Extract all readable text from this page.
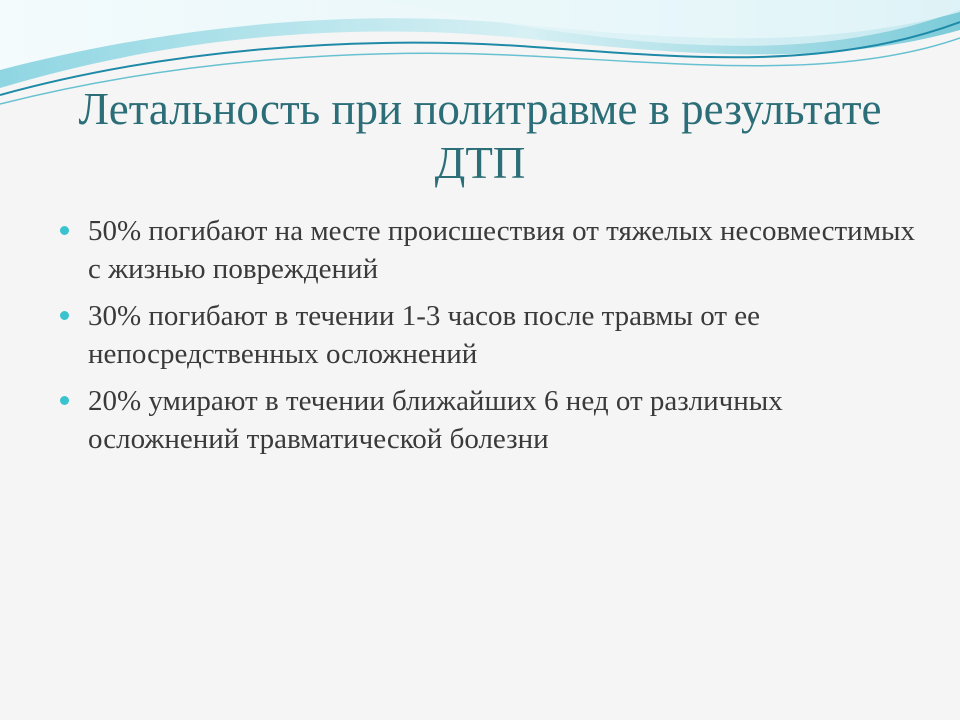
Летальность при политравме в результате ДТП
50% погибают на месте происшествия от тяжелых несовместимых с жизнью повреждений
30% погибают в течении 1-3 часов после травмы от ее непосредственных осложнений
20% умирают в течении ближайших 6 нед от различных осложнений травматической болезни
